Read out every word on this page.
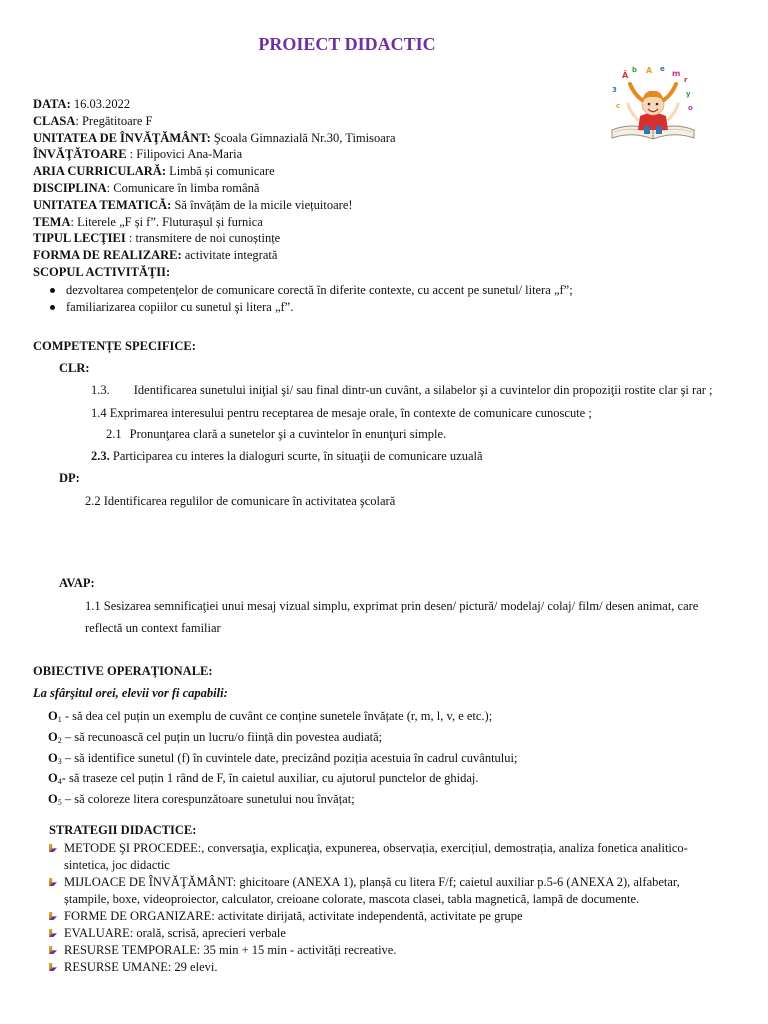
PROIECT DIDACTIC
Ā
b A e m
r
3	y
c	o
DATA: 16.03.2022
CLASA: Pregătitoare F
UNITATEA DE ÎNVĂŢĂMÂNT: Şcoala Gimnazială Nr.30, Timisoara
ÎNVĂŢĂTOARE : Filipovici Ana-Maria
ARIA CURRICULARĂ: Limbă și comunicare
DISCIPLINA: Comunicare în limba română
UNITATEA TEMATICĂ: Să învățăm de la micile viețuitoare!
TEMA: Literele „F și f”. Fluturașul și furnica
TIPUL LECŢIEI : transmitere de noi cunoștințe
FORMA DE REALIZARE: activitate integrată
SCOPUL ACTIVITĂŢII:
dezvoltarea competențelor de comunicare corectă în diferite contexte, cu accent pe sunetul/ litera „f”;
familiarizarea copiilor cu sunetul şi litera „f”.
COMPETENȚE SPECIFICE:
CLR:
1.3. Identificarea sunetului iniţial şi/ sau final dintr-un cuvânt, a silabelor şi a cuvintelor din propoziţii rostite clar şi rar ;
1.4 Exprimarea interesului pentru receptarea de mesaje orale, în contexte de comunicare cunoscute ;
2.1 Pronunţarea clară a sunetelor şi a cuvintelor în enunţuri simple.
2.3. Participarea cu interes la dialoguri scurte, în situaţii de comunicare uzuală
DP:
2.2 Identificarea regulilor de comunicare în activitatea şcolară
AVAP:
1.1 Sesizarea semnificaţiei unui mesaj vizual simplu, exprimat prin desen/ pictură/ modelaj/ colaj/ film/ desen animat, care
reflectă un context familiar
OBIECTIVE OPERAŢIONALE:
La sfârşitul orei, elevii vor fi capabili:
$O_1$ - să dea cel puțin un exemplu de cuvânt ce conține sunetele învățate (r, m, l, v, e etc.);
$O_2$ – să recunoască cel puțin un lucru/o ființă din povestea audiată;
$O_3$ – să identifice sunetul (f) în cuvintele date, precizând poziția acestuia în cadrul cuvântului;
$O_4-$ să traseze cel puțin 1 rând de F, în caietul auxiliar, cu ajutorul punctelor de ghidaj.
$O_5$ – să coloreze litera corespunzătoare sunetului nou învățat;
STRATEGII DIDACTICE:
METODE ŞI PROCEDEE:, conversaţia, explicaţia, expunerea, observația, exercițiul, demostrația, analiza fonetica analitico-
sintetica, joc didactic
MIJLOACE DE ÎNVĂŢĂMÂNT: ghicitoare (ANEXA 1), planșă cu litera F/f; caietul auxiliar p.5-6 (ANEXA 2), alfabetar,
ștampile, boxe, videoproiector, calculator, creioane colorate, mascota clasei, tabla magnetică, lampă de documente.
FORME DE ORGANIZARE: activitate dirijată, activitate independentă, activitate pe grupe
EVALUARE: orală, scrisă, aprecieri verbale
RESURSE TEMPORALE: 35 min + 15 min - activități recreative.
RESURSE UMANE: 29 elevi.
